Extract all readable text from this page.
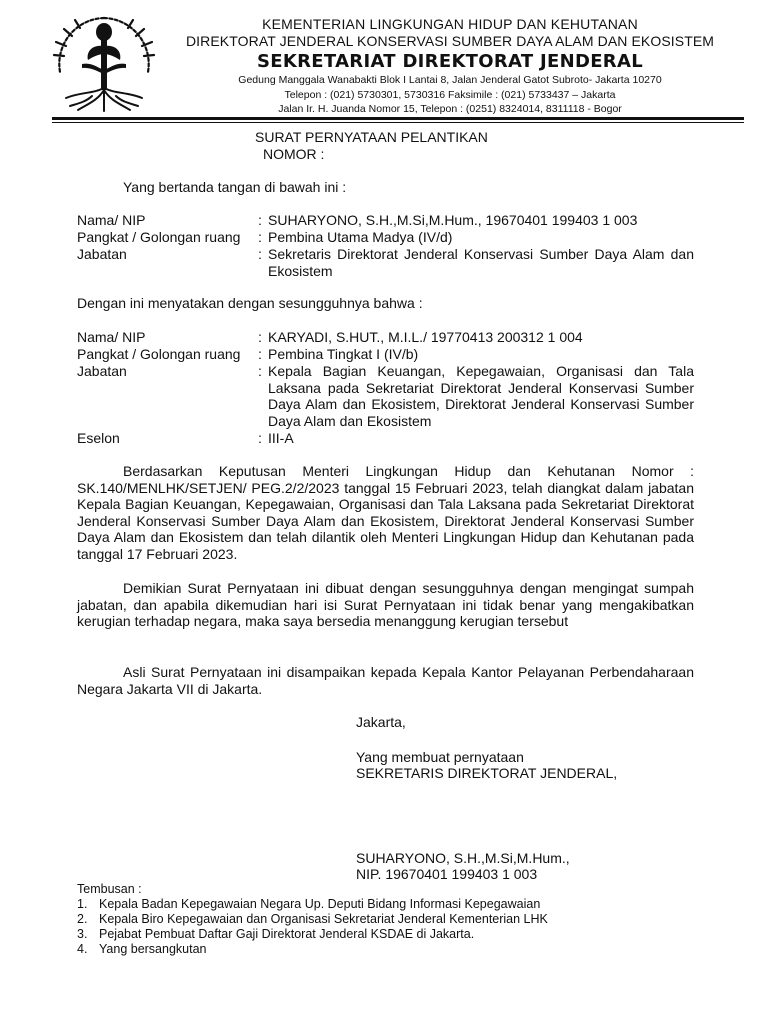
KEMENTERIAN LINGKUNGAN HIDUP DAN KEHUTANAN
DIREKTORAT JENDERAL KONSERVASI SUMBER DAYA ALAM DAN EKOSISTEM
SEKRETARIAT DIREKTORAT JENDERAL
Gedung Manggala Wanabakti Blok I Lantai 8, Jalan Jenderal Gatot Subroto- Jakarta 10270
Telepon : (021) 5730301, 5730316 Faksimile : (021) 5733437 – Jakarta
Jalan Ir. H. Juanda Nomor 15, Telepon : (0251) 8324014, 8311118 - Bogor
SURAT PERNYATAAN PELANTIKAN
NOMOR :
Yang bertanda tangan di bawah ini :
Nama/ NIP	: SUHARYONO, S.H.,M.Si,M.Hum., 19670401 199403 1 003
Pangkat / Golongan ruang : Pembina Utama Madya (IV/d)
Jabatan	: Sekretaris Direktorat Jenderal Konservasi Sumber Daya Alam dan Ekosistem
Dengan ini menyatakan dengan sesungguhnya bahwa :
Nama/ NIP	: KARYADI, S.HUT., M.I.L./ 19770413 200312 1 004
Pangkat / Golongan ruang : Pembina Tingkat I (IV/b)
Jabatan	: Kepala Bagian Keuangan, Kepegawaian, Organisasi dan Tala Laksana pada Sekretariat Direktorat Jenderal Konservasi Sumber Daya Alam dan Ekosistem, Direktorat Jenderal Konservasi Sumber Daya Alam dan Ekosistem
Eselon	: III-A
Berdasarkan Keputusan Menteri Lingkungan Hidup dan Kehutanan Nomor : SK.140/MENLHK/SETJEN/ PEG.2/2/2023 tanggal 15 Februari 2023, telah diangkat dalam jabatan Kepala Bagian Keuangan, Kepegawaian, Organisasi dan Tala Laksana pada Sekretariat Direktorat Jenderal Konservasi Sumber Daya Alam dan Ekosistem, Direktorat Jenderal Konservasi Sumber Daya Alam dan Ekosistem dan telah dilantik oleh Menteri Lingkungan Hidup dan Kehutanan pada tanggal 17 Februari 2023.
Demikian Surat Pernyataan ini dibuat dengan sesungguhnya dengan mengingat sumpah jabatan, dan apabila dikemudian hari isi Surat Pernyataan ini tidak benar yang mengakibatkan kerugian terhadap negara, maka saya bersedia menanggung kerugian tersebut
Asli Surat Pernyataan ini disampaikan kepada Kepala Kantor Pelayanan Perbendaharaan Negara Jakarta VII di Jakarta.
Jakarta,
Yang membuat pernyataan
SEKRETARIS DIREKTORAT JENDERAL,
SUHARYONO, S.H.,M.Si,M.Hum.,
NIP. 19670401 199403 1 003
Tembusan :
1. Kepala Badan Kepegawaian Negara Up. Deputi Bidang Informasi Kepegawaian
2. Kepala Biro Kepegawaian dan Organisasi Sekretariat Jenderal Kementerian LHK
3. Pejabat Pembuat Daftar Gaji Direktorat Jenderal KSDAE di Jakarta.
4. Yang bersangkutan
